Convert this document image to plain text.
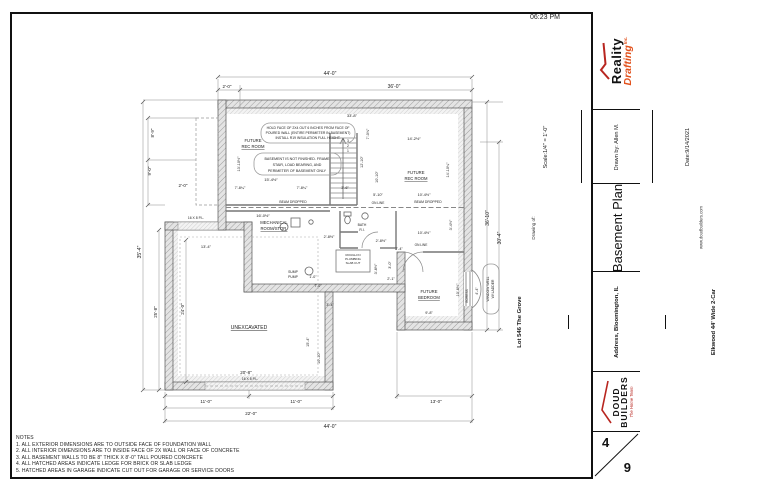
44'-0"
2'-0"	36'-0"
8'-9"
9'-0"
2'-0"
35'-4"
25'-8"	24'-0"
36'-10"
30'-4"
11'-0"	11'-0"	13'-0"
22'-0"
44'-0"
33'-8"
7'-0⅝"
13'-10½"
15'-4½"
7'-8¼"	7'-8¼"	3'-6"
12'-10"
14'-2½"
14'-10¼"
10'-10"
5'-10"	10'-4½"
FUTURE
REC ROOM
FUTURE
REC ROOM
HOLD FACE OF 2X4 OUT 6 INCHES FROM FACE OF
POURED WALL (ENTIRE PERIMETER IN BASEMENT)
INSTALL R19 INSULATION FULL HEIGHT.
BASEMENT IS NOT FINISHED. FRAME
STAIR, LOAD BEARING, AND
PERIMETER OF BASEMENT ONLY
3
2
1
BEAM DROPPED	BEAM DROPPED
16'-0½"
MECHANICAL
ROOM/STOR.
16 X 8 P.L.
13'-4"
ON LINE
ON LINE
BATH
R.I.
10'-4½"
3'-4½"
2'-8½"
2'-8½"
7'-4"
3'-0"
2'-1"
3'-8½"
ROUGH IN
PLUMBING
SLAB CUT
SUMP
PUMP	1'-0"
7'-0"
FUTURE
BEDROOM
10'-6½"
9'-8"
EGRESS	WINDOW WELL W/ LADDER
4'-4"
UNEXCAVATED
20'-8"
15'-4"
10'-10"
3'-4"
16 X 8 P.L.
06:23 PM
Reality
Drafting$^{Inc.}$
Scale:1/4" = 1'-0"	Drawn by: Allen M.	Date:9/14/2021
Drawing of:	Basement Plan	www.doudbuilders.com
Lot 546 The Grove	Address, Bloomington, IL	Elkwood 44' Wide 2-Car
DOUD
BUILDERS The Home Team
4
9
NOTES
1. ALL EXTERIOR DIMENSIONS ARE TO OUTSIDE FACE OF FOUNDATION WALL
2. ALL INTERIOR DIMENSIONS ARE TO INSIDE FACE OF 2X WALL OR FACE OF CONCRETE
3. ALL BASEMENT WALLS TO BE 8" THICK X 8'-0" TALL POURED CONCRETE
4. ALL HATCHED AREAS INDICATE LEDGE FOR BRICK OR SLAB LEDGE
5. HATCHED AREAS IN GARAGE INDICATE CUT OUT FOR GARAGE OR SERVICE DOORS
